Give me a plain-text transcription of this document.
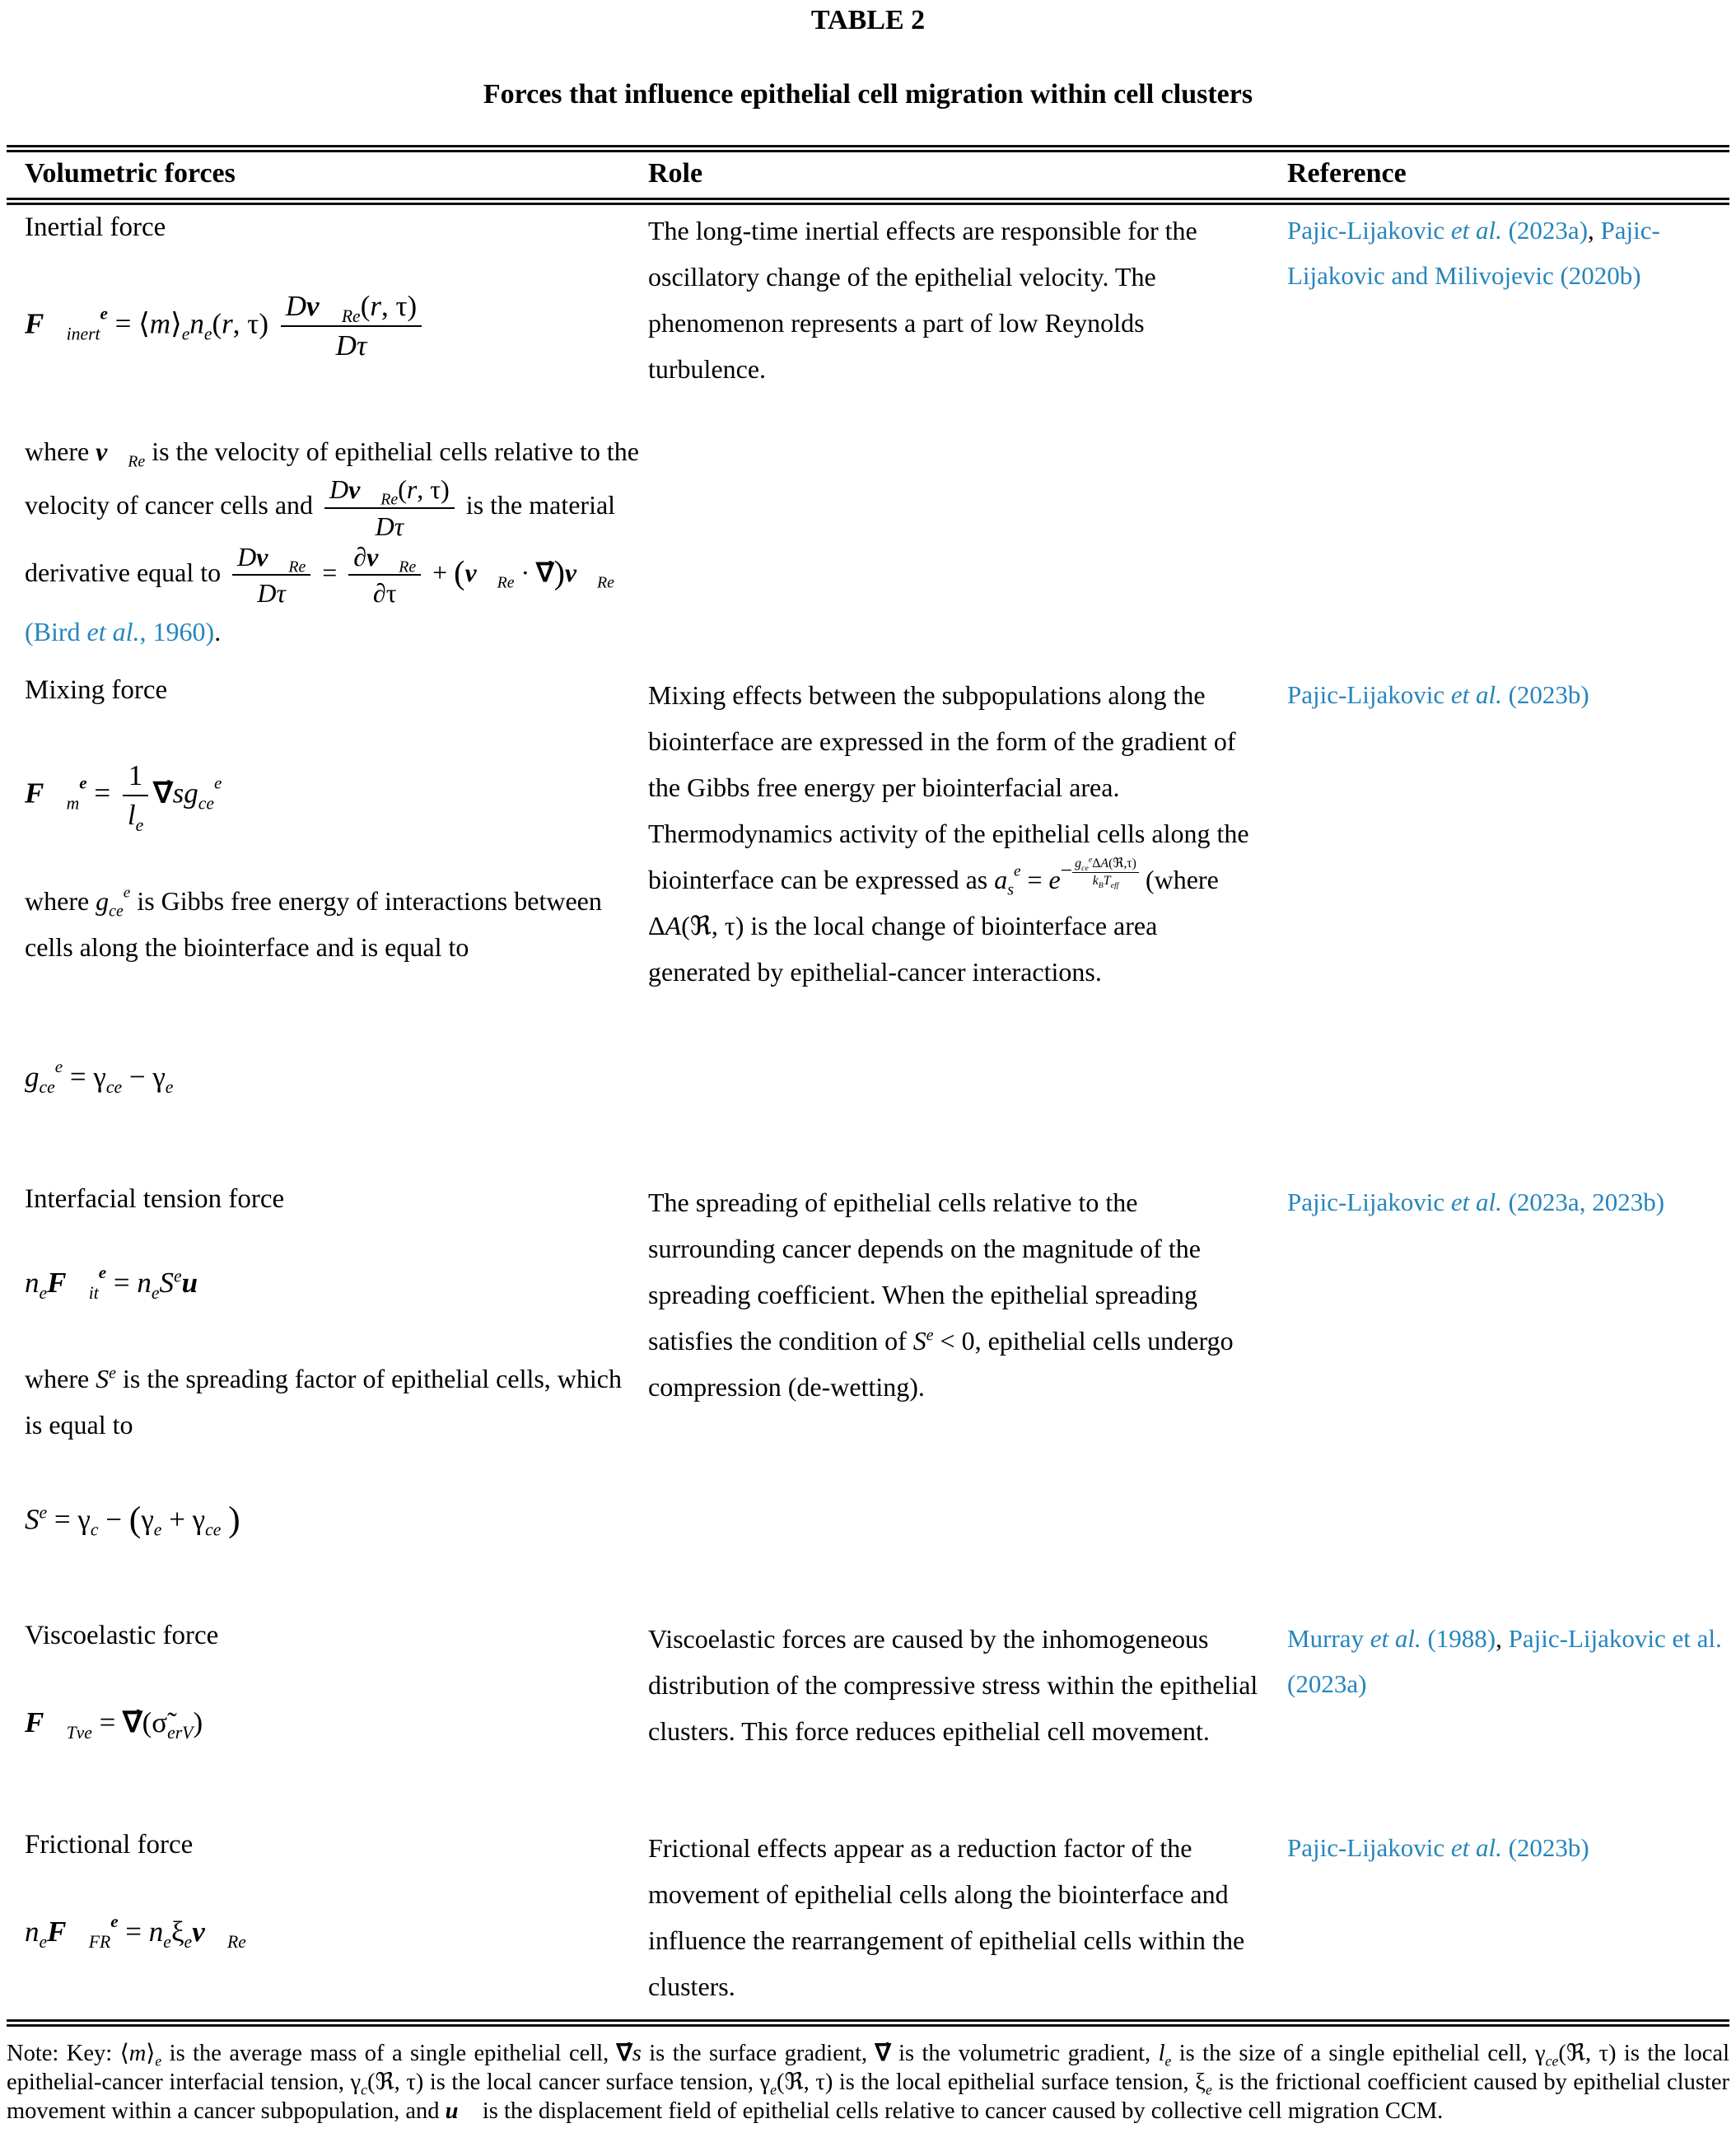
TABLE 2
Forces that influence epithelial cell migration within cell clusters
Volumetric forces	Role	Reference
Inertial force
$F⃗_{inert}^e$ = $⟨m⟩_en_e(r$, $\tau) \frac{Dv⃗_{Re}(r, \tau)}{D\tau}$
where $v⃗_{Re}$ is the velocity of epithelial cells relative to the velocity of cancer cells and $\frac{Dv⃗_{Re}(r, \tau)}{D\tau}$ is the material derivative equal to $\frac{Dv⃗_{Re}}{D\tau} = \frac{\partial v⃗_{Re}}{\partial\tau}$ + ($v⃗_{Re}$ · $\nabla⃗)v⃗_{Re}$ (Bird et al., 1960).
The long-time inertial effects are responsible for the oscillatory change of the epithelial velocity. The phenomenon represents a part of low Reynolds turbulence.
Pajic-Lijakovic et al. (2023a), Pajic-Lijakovic and Milivojevic (2020b)
Mixing force
$F⃗_m^e = \frac{1}{l_e}$ $\nabla⃗sg_{ce}^e$
where $g_{ce}^e$ is Gibbs free energy of interactions between cells along the biointerface and is equal to
$g_{ce}^e = \gamma_{ce} - \gamma_e$
Mixing effects between the subpopulations along the biointerface are expressed in the form of the gradient of the Gibbs free energy per biointerfacial area. Thermodynamics activity of the epithelial cells along the biointerface can be expressed as $a_s^e = e^{- g_{ce}^e\Delta A(ℜ,\tau) k_BT_{eff}}$ (where ΔA(ℜ, τ) is the local change of biointerface area generated by epithelial-cancer interactions.
Pajic-Lijakovic et al. (2023b)
Interfacial tension force
$n_eF⃗_{it}^e$ = $n_eS^eu⃗$
where $S^e$ is the spreading factor of epithelial cells, which is equal to
$S^e = \gamma_c - (\gamma_e + \gamma_{ce}$ )
The spreading of epithelial cells relative to the surrounding cancer depends on the magnitude of the spreading coefficient. When the epithelial spreading satisfies the condition of $S^e < 0$, epithelial cells undergo compression (de-wetting).
Pajic-Lijakovic et al. (2023a, 2023b)
Viscoelastic force
$F⃗_{Tve}$ = $\nabla⃗(\sigmã_{erV})$
Viscoelastic forces are caused by the inhomogeneous distribution of the compressive stress within the epithelial clusters. This force reduces epithelial cell movement.
Murray et al. (1988), Pajic-Lijakovic et al. (2023a)
Frictional force
$n_eF⃗_{FR}^e$ = $n_e\xi_ev⃗_{Re}$
Frictional effects appear as a reduction factor of the movement of epithelial cells along the biointerface and influence the rearrangement of epithelial cells within the clusters.
Pajic-Lijakovic et al. (2023b)
Note: Key: $⟨m⟩_e$ is the average mass of a single epithelial cell, ∇⃗s is the surface gradient, ∇⃗ is the volumetric gradient, $l_e$ is the size of a single epithelial cell, $\gamma_{ce}(ℜ$, τ) is the local epithelial-cancer interfacial tension, $\gamma_c(ℜ$, τ) is the local cancer surface tension, $\gamma_e(ℜ$, τ) is the local epithelial surface tension, $\xi_e$ is the frictional coefficient caused by epithelial cluster movement within a cancer subpopulation, and u⃗ is the displacement field of epithelial cells relative to cancer caused by collective cell migration CCM.
